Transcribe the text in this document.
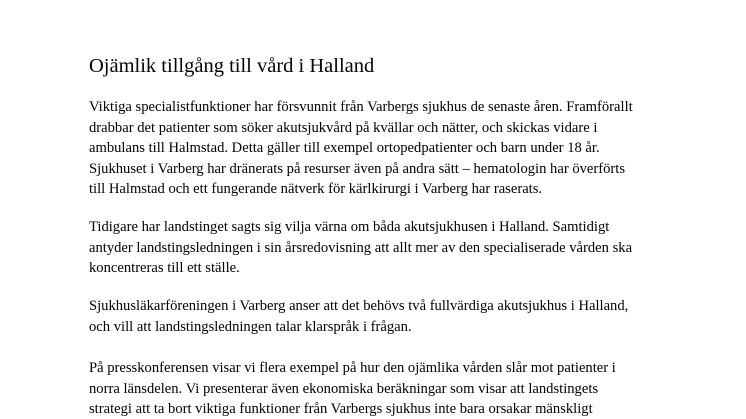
Ojämlik tillgång till vård i Halland

Viktiga specialistfunktioner har försvunnit från Varbergs sjukhus de senaste åren. Framförallt
drabbar det patienter som söker akutsjukvård på kvällar och nätter, och skickas vidare i
ambulans till Halmstad. Detta gäller till exempel ortopedpatienter och barn under 18 år.
Sjukhuset i Varberg har dränerats på resurser även på andra sätt – hematologin har överförts
till Halmstad och ett fungerande nätverk för kärlkirurgi i Varberg har raserats.

Tidigare har landstinget sagts sig vilja värna om båda akutsjukhusen i Halland. Samtidigt
antyder landstingsledningen i sin årsredovisning att allt mer av den specialiserade vården ska
koncentreras till ett ställe.

Sjukhusläkarföreningen i Varberg anser att det behövs två fullvärdiga akutsjukhus i Halland,
och vill att landstingsledningen talar klarspråk i frågan.

På presskonferensen visar vi flera exempel på hur den ojämlika vården slår mot patienter i
norra länsdelen. Vi presenterar även ekonomiska beräkningar som visar att landstingets
strategi att ta bort viktiga funktioner från Varbergs sjukhus inte bara orsakar mänskligt
